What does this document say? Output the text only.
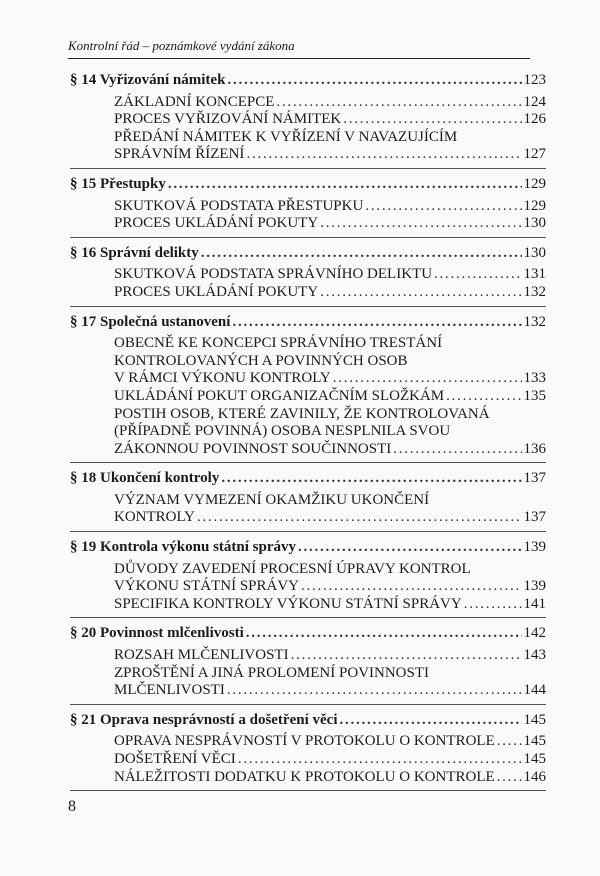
Kontrolní řád – poznámkové vydání zákona
§ 14 Vyřizování námitek . . .	123
ZÁKLADNÍ KONCEPCE . . .	124
PROCES VYŘIZOVÁNÍ NÁMITEK . . .	126
PŘEDÁNÍ NÁMITEK K VYŘÍZENÍ V NAVAZUJÍCÍM
SPRÁVNÍM ŘÍZENÍ . . .	127
§ 15 Přestupky . . .	129
SKUTKOVÁ PODSTATA PŘESTUPKU . . .	129
PROCES UKLÁDÁNÍ POKUTY . . .	130
§ 16 Správní delikty . . .	130
SKUTKOVÁ PODSTATA SPRÁVNÍHO DELIKTU . . .	131
PROCES UKLÁDÁNÍ POKUTY . . .	132
§ 17 Společná ustanovení . . .	132
OBECNĚ KE KONCEPCI SPRÁVNÍHO TRESTÁNÍ
KONTROLOVANÝCH A POVINNÝCH OSOB
V RÁMCI VÝKONU KONTROLY . . .	133
UKLÁDÁNÍ POKUT ORGANIZAČNÍM SLOŽKÁM . . .	135
POSTIH OSOB, KTERÉ ZAVINILY, ŽE KONTROLOVANÁ
(PŘÍPADNĚ POVINNÁ) OSOBA NESPLNILA SVOU
ZÁKONNOU POVINNOST SOUČINNOSTI . . .	136
§ 18 Ukončení kontroly . . .	137
VÝZNAM VYMEZENÍ OKAMŽIKU UKONČENÍ
KONTROLY . . .	137
§ 19 Kontrola výkonu státní správy . . .	139
DŮVODY ZAVEDENÍ PROCESNÍ ÚPRAVY KONTROL
VÝKONU STÁTNÍ SPRÁVY . . .	139
SPECIFIKA KONTROLY VÝKONU STÁTNÍ SPRÁVY . . .	141
§ 20 Povinnost mlčenlivosti . . .	142
ROZSAH MLČENLIVOSTI . . .	143
ZPROŠTĚNÍ A JINÁ PROLOMENÍ POVINNOSTI
MLČENLIVOSTI . . .	144
§ 21 Oprava nesprávností a došetření věci . . .	145
OPRAVA NESPRÁVNOSTÍ V PROTOKOLU O KONTROLE . . . 145
DOŠETŘENÍ VĚCI . . .	145
NÁLEŽITOSTI DODATKU K PROTOKOLU O KONTROLE . . . 146
8
